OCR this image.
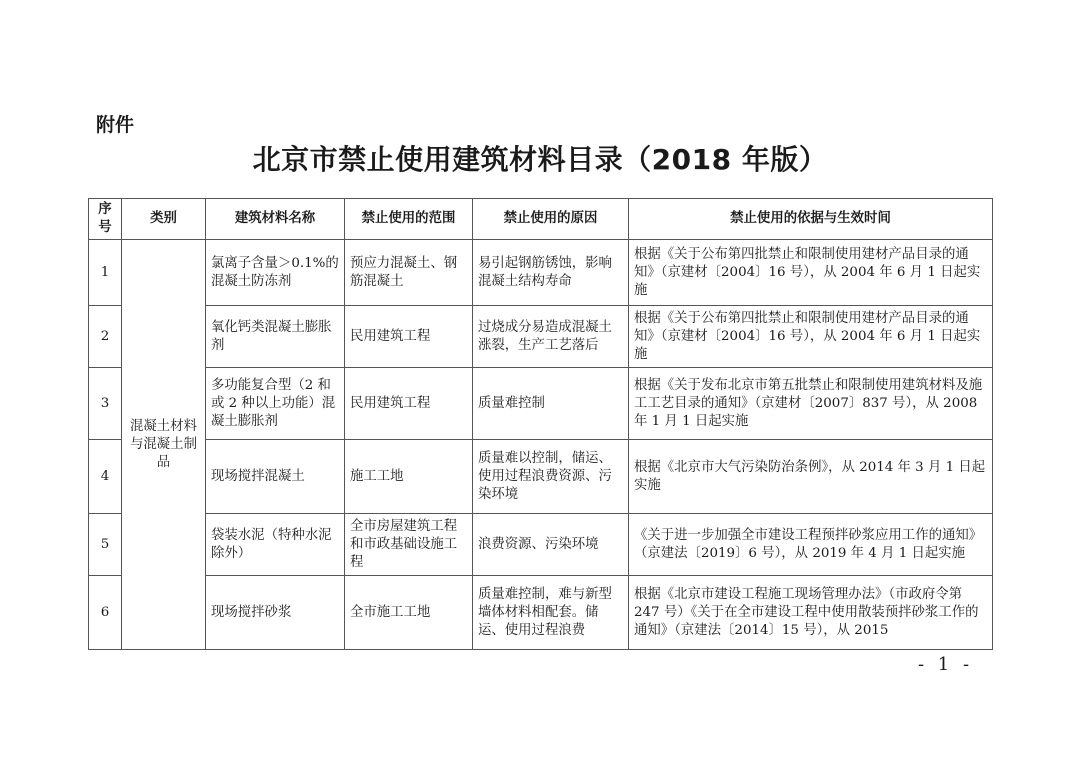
附件
北京市禁止使用建筑材料目录（2018 年版）
序号	类别	建筑材料名称	禁止使用的范围	禁止使用的原因	禁止使用的依据与生效时间
1	混凝土材料与混凝土制品	氯离子含量＞0.1%的混凝土防冻剂	预应力混凝土、钢筋混凝土	易引起钢筋锈蚀，影响混凝土结构寿命	根据《关于公布第四批禁止和限制使用建材产品目录的通知》（京建材〔2004〕16 号），从 2004 年 6 月 1 日起实施
2		氧化钙类混凝土膨胀剂	民用建筑工程	过烧成分易造成混凝土涨裂，生产工艺落后	根据《关于公布第四批禁止和限制使用建材产品目录的通知》（京建材〔2004〕16 号），从 2004 年 6 月 1 日起实施
3		多功能复合型（2 和或 2 种以上功能）混凝土膨胀剂	民用建筑工程	质量难控制	根据《关于发布北京市第五批禁止和限制使用建筑材料及施工工艺目录的通知》（京建材〔2007〕837 号），从 2008 年 1 月 1 日起实施
4		现场搅拌混凝土	施工工地	质量难以控制，储运、使用过程浪费资源、污染环境	根据《北京市大气污染防治条例》，从 2014 年 3 月 1 日起实施
5		袋装水泥（特种水泥除外）	全市房屋建筑工程和市政基础设施工程	浪费资源、污染环境	《关于进一步加强全市建设工程预拌砂浆应用工作的通知》（京建法〔2019〕6 号），从 2019 年 4 月 1 日起实施
6		现场搅拌砂浆	全市施工工地	质量难控制，难与新型墙体材料相配套。储运、使用过程浪费	根据《北京市建设工程施工现场管理办法》（市政府令第 247 号）《关于在全市建设工程中使用散装预拌砂浆工作的通知》（京建法〔2014〕15 号），从 2015
- 1 -
